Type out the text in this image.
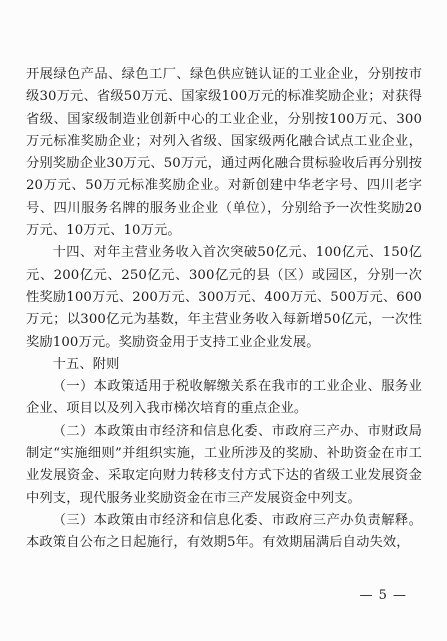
开展绿色产品、绿色工厂、绿色供应链认证的工业企业，分别按市级30万元、省级50万元、国家级100万元的标准奖励企业；对获得省级、国家级制造业创新中心的工业企业，分别按100万元、300万元标准奖励企业；对列入省级、国家级两化融合试点工业企业，分别奖励企业30万元、50万元，通过两化融合贯标验收后再分别按20万元、50万元标准奖励企业。对新创建中华老字号、四川老字号、四川服务名牌的服务业企业（单位），分别给予一次性奖励20万元、10万元、10万元。

十四、对年主营业务收入首次突破50亿元、100亿元、150亿元、200亿元、250亿元、300亿元的县（区）或园区，分别一次性奖励100万元、200万元、300万元、400万元、500万元、600万元；以300亿元为基数，年主营业务收入每新增50亿元，一次性奖励100万元。奖励资金用于支持工业企业发展。

十五、附则

（一）本政策适用于税收解缴关系在我市的工业企业、服务业企业、项目以及列入我市梯次培育的重点企业。

（二）本政策由市经济和信息化委、市政府三产办、市财政局制定“实施细则”并组织实施，工业所涉及的奖励、补助资金在市工业发展资金、采取定向财力转移支付方式下达的省级工业发展资金中列支，现代服务业奖励资金在市三产发展资金中列支。

（三）本政策由市经济和信息化委、市政府三产办负责解释。本政策自公布之日起施行，有效期5年。有效期届满后自动失效，

— 5 —
